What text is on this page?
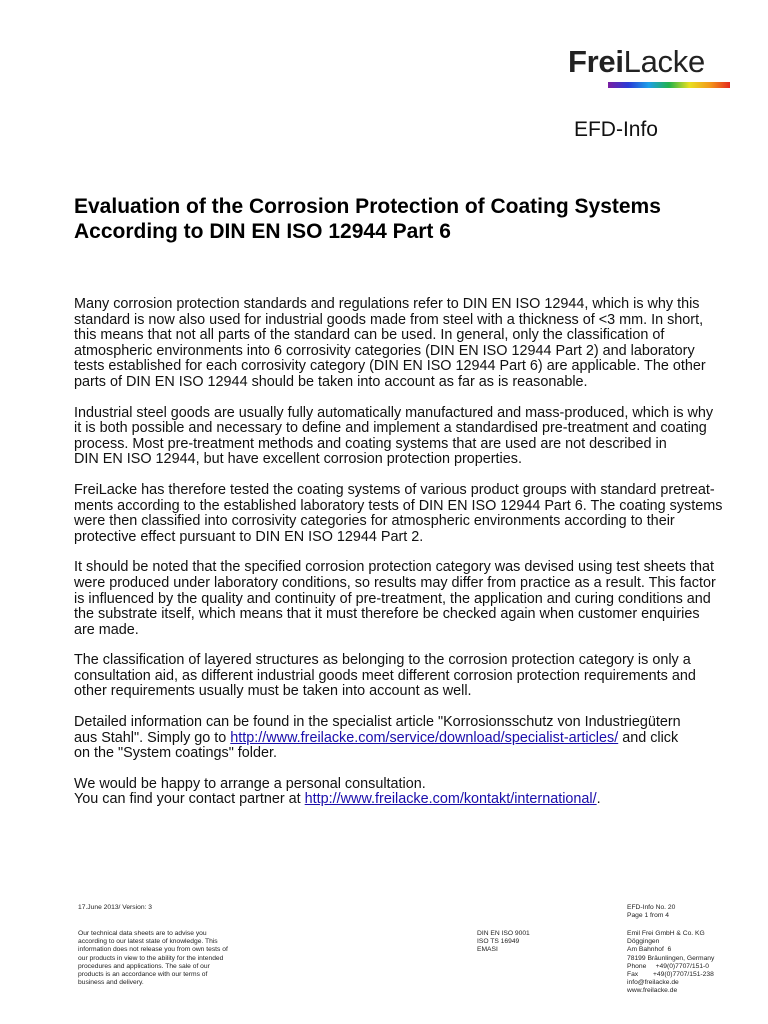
FreiLacke
EFD-Info
Evaluation of the Corrosion Protection of Coating Systems According to DIN EN ISO 12944 Part 6

Many corrosion protection standards and regulations refer to DIN EN ISO 12944, which is why this
standard is now also used for industrial goods made from steel with a thickness of <3 mm. In short,
this means that not all parts of the standard can be used. In general, only the classification of
atmospheric environments into 6 corrosivity categories (DIN EN ISO 12944 Part 2) and laboratory
tests established for each corrosivity category (DIN EN ISO 12944 Part 6) are applicable. The other
parts of DIN EN ISO 12944 should be taken into account as far as is reasonable.

Industrial steel goods are usually fully automatically manufactured and mass-produced, which is why
it is both possible and necessary to define and implement a standardised pre-treatment and coating
process. Most pre-treatment methods and coating systems that are used are not described in
DIN EN ISO 12944, but have excellent corrosion protection properties.

FreiLacke has therefore tested the coating systems of various product groups with standard pretreat-
ments according to the established laboratory tests of DIN EN ISO 12944 Part 6. The coating systems
were then classified into corrosivity categories for atmospheric environments according to their
protective effect pursuant to DIN EN ISO 12944 Part 2.

It should be noted that the specified corrosion protection category was devised using test sheets that
were produced under laboratory conditions, so results may differ from practice as a result. This factor
is influenced by the quality and continuity of pre-treatment, the application and curing conditions and
the substrate itself, which means that it must therefore be checked again when customer enquiries
are made.

The classification of layered structures as belonging to the corrosion protection category is only a
consultation aid, as different industrial goods meet different corrosion protection requirements and
other requirements usually must be taken into account as well.

Detailed information can be found in the specialist article "Korrosionsschutz von Industriegütern
aus Stahl". Simply go to http://www.freilacke.com/service/download/specialist-articles/ and click
on the "System coatings" folder.

We would be happy to arrange a personal consultation.
You can find your contact partner at http://www.freilacke.com/kontakt/international/.

17.June 2013/ Version: 3	EFD-Info No. 20
Page 1 from 4
Our technical data sheets are to advise you
according to our latest state of knowledge. This
information does not release you from own tests of
our products in view to the ability for the intended
procedures and applications. The sale of our
products is an accordance with our terms of
business and delivery.
DIN EN ISO 9001
ISO TS 16949
EMASI
Emil Frei GmbH & Co. KG
Döggingen
Am Bahnhof  6
78199 Bräunlingen, Germany
Phone     +49(0)7707/151-0
Fax        +49(0)7707/151-238
info@freilacke.de
www.freilacke.de
